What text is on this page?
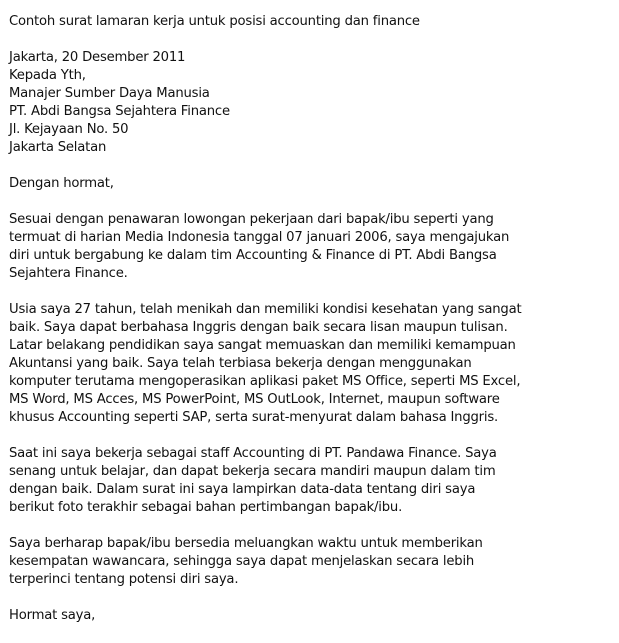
Contoh surat lamaran kerja untuk posisi accounting dan finance
Jakarta, 20 Desember 2011
Kepada Yth,
Manajer Sumber Daya Manusia
PT. Abdi Bangsa Sejahtera Finance
Jl. Kejayaan No. 50
Jakarta Selatan
Dengan hormat,
Sesuai dengan penawaran lowongan pekerjaan dari bapak/ibu seperti yang
termuat di harian Media Indonesia tanggal 07 januari 2006, saya mengajukan
diri untuk bergabung ke dalam tim Accounting & Finance di PT. Abdi Bangsa
Sejahtera Finance.
Usia saya 27 tahun, telah menikah dan memiliki kondisi kesehatan yang sangat
baik. Saya dapat berbahasa Inggris dengan baik secara lisan maupun tulisan.
Latar belakang pendidikan saya sangat memuaskan dan memiliki kemampuan
Akuntansi yang baik. Saya telah terbiasa bekerja dengan menggunakan
komputer terutama mengoperasikan aplikasi paket MS Office, seperti MS Excel,
MS Word, MS Acces, MS PowerPoint, MS OutLook, Internet, maupun software
khusus Accounting seperti SAP, serta surat-menyurat dalam bahasa Inggris.
Saat ini saya bekerja sebagai staff Accounting di PT. Pandawa Finance. Saya
senang untuk belajar, dan dapat bekerja secara mandiri maupun dalam tim
dengan baik. Dalam surat ini saya lampirkan data-data tentang diri saya
berikut foto terakhir sebagai bahan pertimbangan bapak/ibu.
Saya berharap bapak/ibu bersedia meluangkan waktu untuk memberikan
kesempatan wawancara, sehingga saya dapat menjelaskan secara lebih
terperinci tentang potensi diri saya.
Hormat saya,
